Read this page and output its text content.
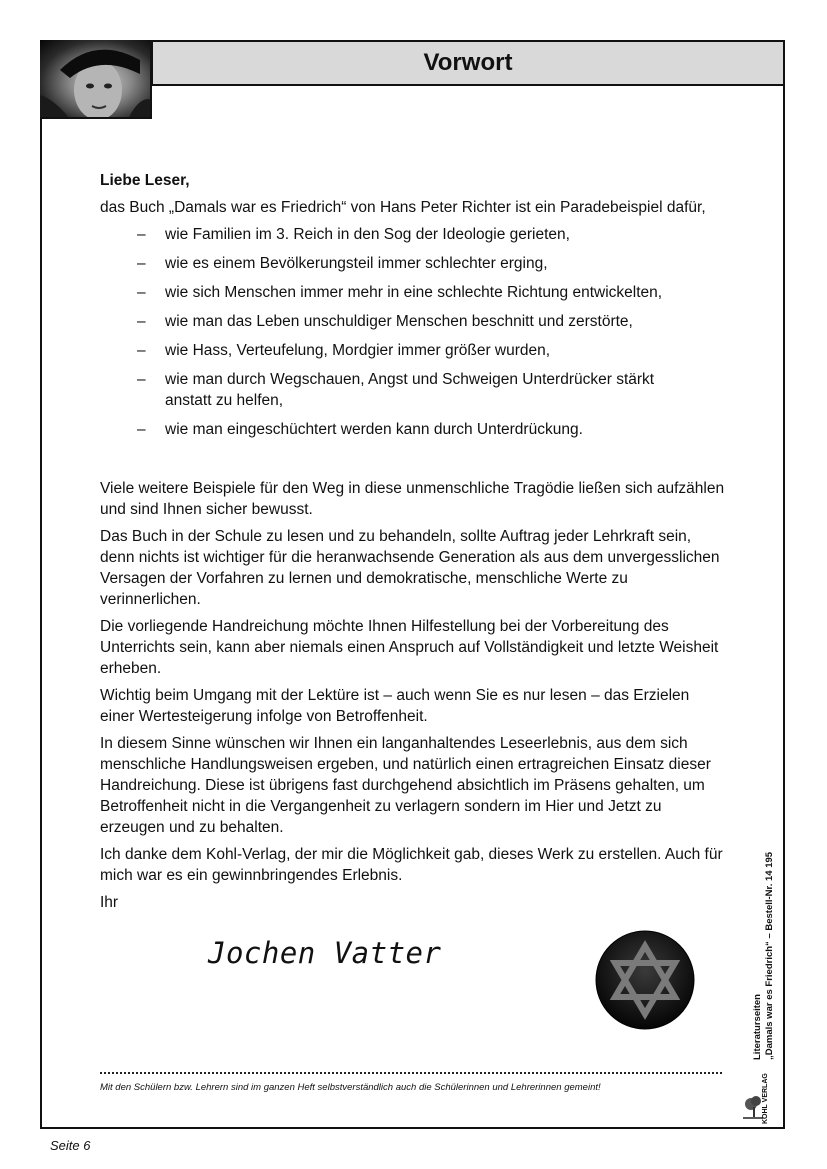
Vorwort

Liebe Leser,

das Buch „Damals war es Friedrich“ von Hans Peter Richter ist ein Paradebeispiel dafür,

– wie Familien im 3. Reich in den Sog der Ideologie gerieten,
– wie es einem Bevölkerungsteil immer schlechter erging,
– wie sich Menschen immer mehr in eine schlechte Richtung entwickelten,
– wie man das Leben unschuldiger Menschen beschnitt und zerstörte,
– wie Hass, Verteufelung, Mordgier immer größer wurden,
– wie man durch Wegschauen, Angst und Schweigen Unterdrücker stärkt anstatt zu helfen,
– wie man eingeschüchtert werden kann durch Unterdrückung.

Viele weitere Beispiele für den Weg in diese unmenschliche Tragödie ließen sich aufzählen und sind Ihnen sicher bewusst.

Das Buch in der Schule zu lesen und zu behandeln, sollte Auftrag jeder Lehrkraft sein, denn nichts ist wichtiger für die heranwachsende Generation als aus dem unvergesslichen Versagen der Vorfahren zu lernen und demokratische, menschliche Werte zu verinnerlichen.

Die vorliegende Handreichung möchte Ihnen Hilfestellung bei der Vorbereitung des Unterrichts sein, kann aber niemals einen Anspruch auf Vollständigkeit und letzte Weisheit erheben.

Wichtig beim Umgang mit der Lektüre ist – auch wenn Sie es nur lesen – das Erzielen einer Wertesteigerung infolge von Betroffenheit.

In diesem Sinne wünschen wir Ihnen ein langanhaltendes Leseerlebnis, aus dem sich menschliche Handlungsweisen ergeben, und natürlich einen ertragreichen Einsatz dieser Handreichung. Diese ist übrigens fast durchgehend absichtlich im Präsens gehalten, um Betroffenheit nicht in die Vergangenheit zu verlagern sondern im Hier und Jetzt zu erzeugen und zu behalten.

Ich danke dem Kohl-Verlag, der mir die Möglichkeit gab, dieses Werk zu erstellen. Auch für mich war es ein gewinnbringendes Erlebnis.

Ihr

Jochen Vatter
Mit den Schülern bzw. Lehrern sind im ganzen Heft selbstverständlich auch die Schülerinnen und Lehrerinnen gemeint!
Literaturseiten „Damals war es Friedrich“ – Bestell-Nr. 14 195
KOHL VERLAG
Seite 6
